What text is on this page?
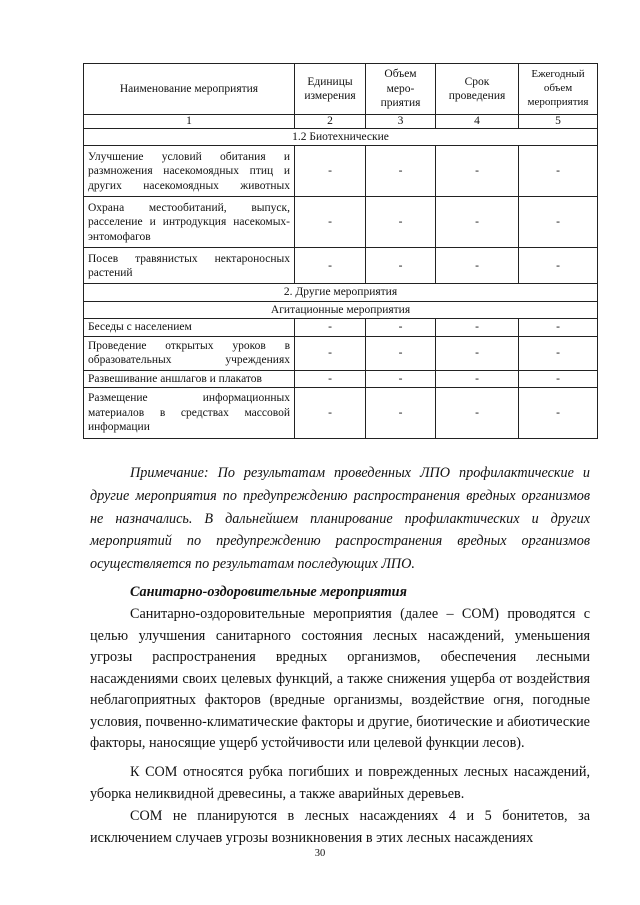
Наименование мероприятия	Единицы измерения	Объем меро-приятия	Срок проведения	Ежегодный объем мероприятия
1	2	3	4	5
1.2 Биотехнические				
Улучшение условий обитания и размножения насекомоядных птиц и других насекомоядных животных	-	-	-	-
Охрана местообитаний, выпуск, расселение и интродукция насекомых-энтомофагов	-	-	-	-
Посев травянистых нектароносных растений	-	-	-	-
2. Другие мероприятия				
Агитационные мероприятия				
Беседы с населением	-	-	-	-
Проведение открытых уроков в образовательных учреждениях	-	-	-	-
Развешивание аншлагов и плакатов	-	-	-	-
Размещение информационных материалов в средствах массовой информации	-	-	-	-

Примечание: По результатам проведенных ЛПО профилактические и другие мероприятия по предупреждению распространения вредных организмов не назначались. В дальнейшем планирование профилактических и других мероприятий по предупреждению распространения вредных организмов осуществляется по результатам последующих ЛПО.

Санитарно-оздоровительные мероприятия

Санитарно-оздоровительные мероприятия (далее – СОМ) проводятся с целью улучшения санитарного состояния лесных насаждений, уменьшения угрозы распространения вредных организмов, обеспечения лесными насаждениями своих целевых функций, а также снижения ущерба от воздействия неблагоприятных факторов (вредные организмы, воздействие огня, погодные условия, почвенно-климатические факторы и другие, биотические и абиотические факторы, наносящие ущерб устойчивости или целевой функции лесов).

К СОМ относятся рубка погибших и поврежденных лесных насаждений, уборка неликвидной древесины, а также аварийных деревьев.

СОМ не планируются в лесных насаждениях 4 и 5 бонитетов, за исключением случаев угрозы возникновения в этих лесных насаждениях

30
